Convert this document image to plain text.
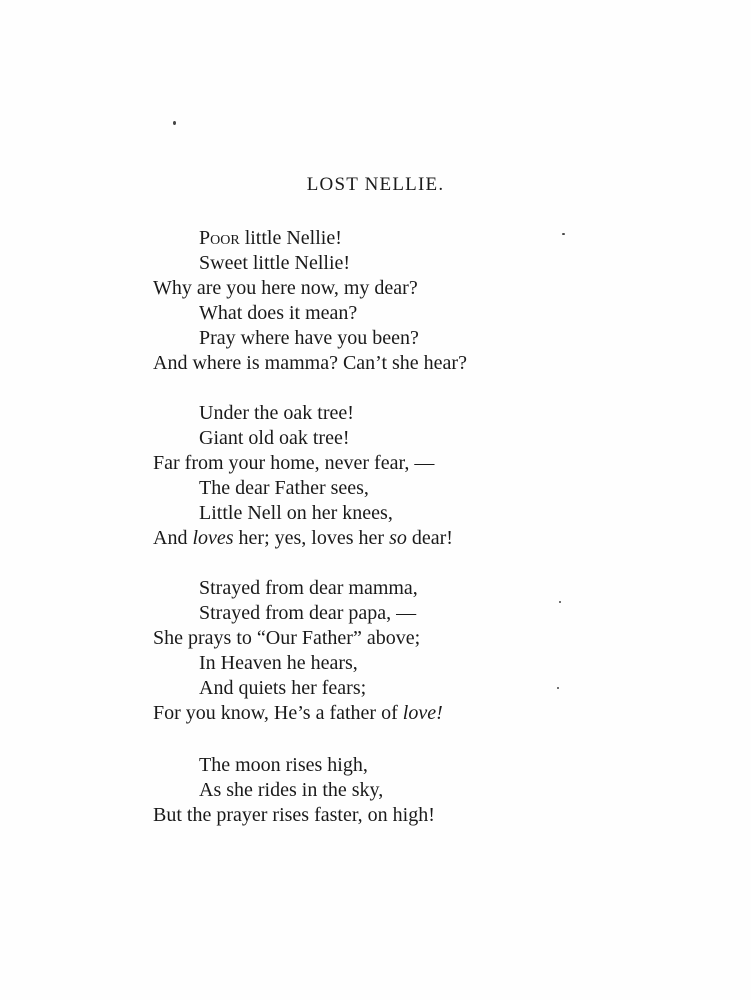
LOST NELLIE.
Poor little Nellie!
Sweet little Nellie!
Why are you here now, my dear?
What does it mean?
Pray where have you been?
And where is mamma? Can’t she hear?
Under the oak tree!
Giant old oak tree!
Far from your home, never fear, —
The dear Father sees,
Little Nell on her knees,
And loves her; yes, loves her so dear!
Strayed from dear mamma,
Strayed from dear papa, —
She prays to “Our Father” above;
In Heaven he hears,
And quiets her fears;
For you know, He’s a father of love!
The moon rises high,
As she rides in the sky,
But the prayer rises faster, on high!
